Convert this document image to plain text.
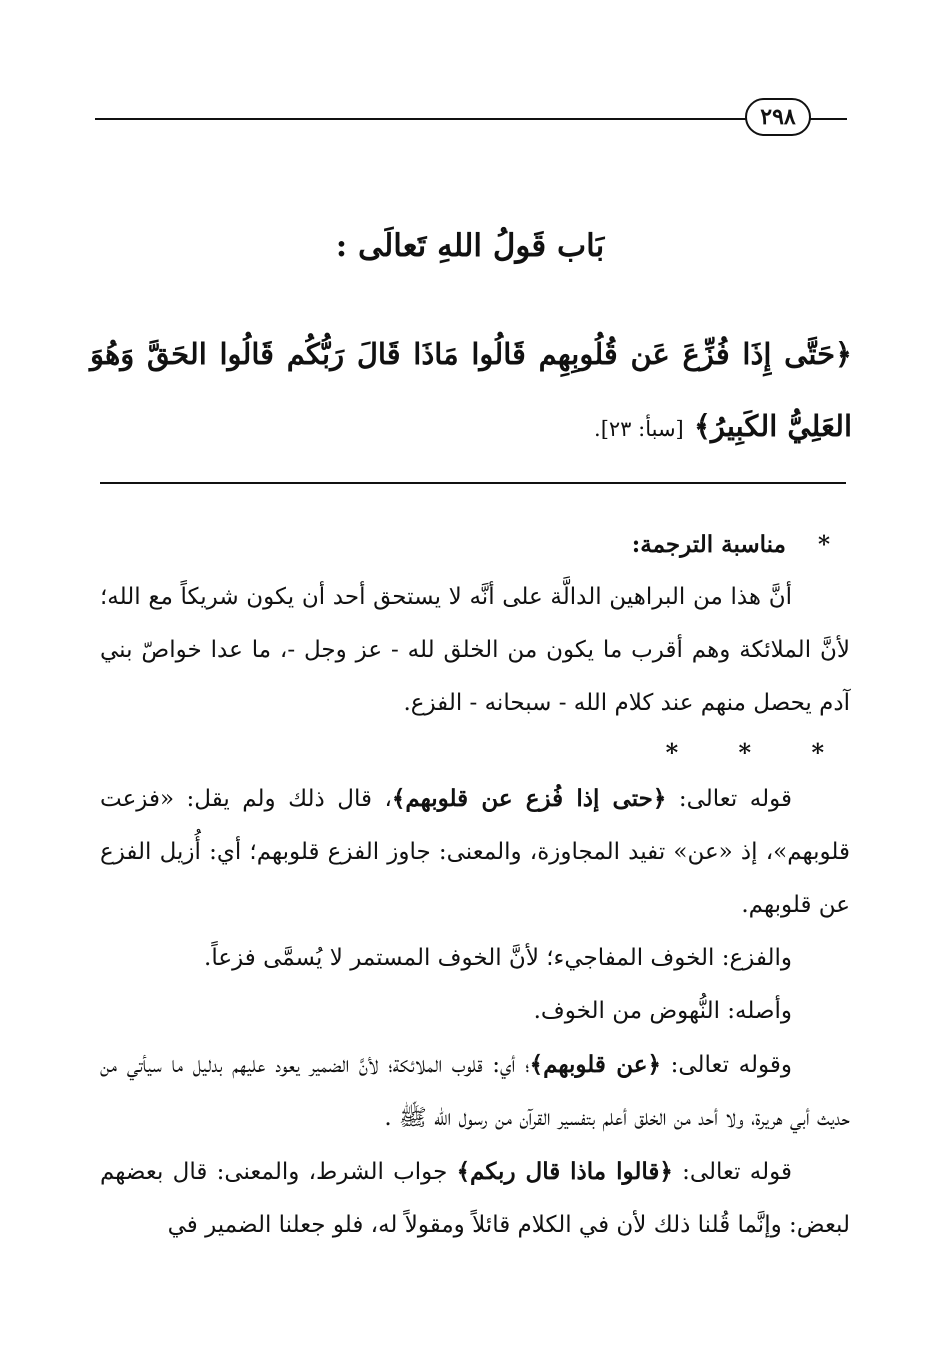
٢٩٨
بَاب قَولُ اللهِ تَعالَى :
﴿حَتَّى إِذَا فُزِّعَ عَن قُلُوبِهِم قَالُوا مَاذَا قَالَ رَبُّكُم قَالُوا الحَقَّ وَهُوَ العَلِيُّ الكَبِيرُ﴾ [سبأ: ٢٣].

*    مناسبة الترجمة:

أنَّ هذا من البراهين الدالَّة على أنَّه لا يستحق أحد أن يكون شريكاً مع الله؛ لأنَّ الملائكة وهم أقرب ما يكون من الخلق لله - عز وجل -، ما عدا خواصّ بني آدم يحصل منهم عند كلام الله - سبحانه - الفزع.

* * *

قوله تعالى: ﴿حتى إذا فُزع عن قلوبهم﴾، قال ذلك ولم يقل: «فزعت قلوبهم»، إذ «عن» تفيد المجاوزة، والمعنى: جاوز الفزع قلوبهم؛ أي: أُزيل الفزع عن قلوبهم.

والفزع: الخوف المفاجيء؛ لأنَّ الخوف المستمر لا يُسمَّى فزعاً.

وأصله: النُّهوض من الخوف.

وقوله تعالى: ﴿عن قلوبهم﴾؛ أي: قلوب الملائكة؛ لأنَّ الضمير يعود عليهم بدليل ما سيأتي من حديث أبي هريرة، ولا أحد من الخلق أعلم بتفسير القرآن من رسول الله ﷺ .

قوله تعالى: ﴿قالوا ماذا قال ربكم﴾ جواب الشرط، والمعنى: قال بعضهم لبعض: وإنَّما قُلنا ذلك لأن في الكلام قائلاً ومقولاً له، فلو جعلنا الضمير في
